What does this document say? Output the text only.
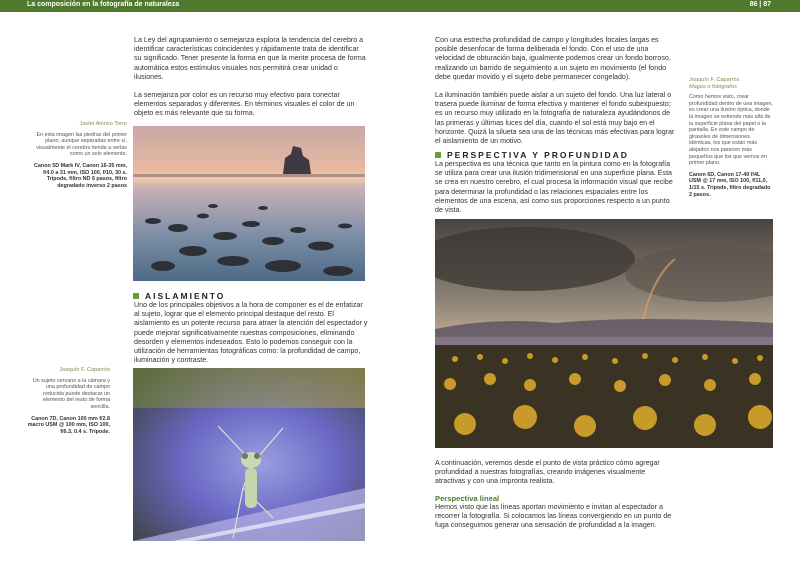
La composición en la fotografía de naturaleza	86 | 87

La Ley del agrupamiento o semejanza explora la tendencia del cerebro a identificar características coincidentes y rápidamente trata de identificar su significado. Tener presente la forma en que la mente procesa de forma automática estos estímulos visuales nos permitirá crear unidad o ilusiones.

La semejanza por color es un recurso muy efectivo para conectar elementos separados y diferentes. En términos visuales el color de un objeto es más relevante que su forma.

Javier Alonso Torre
En esta imagen las piedras del primer plano, aunque separadas entre sí, visualmente el cerebro tiende a verlas como un solo elemento.
Canon 5D Mark IV, Canon 16-35 mm, f/4.0 a 31 mm, ISO 100, f/10, 30 s. Trípode, filtro ND 6 pasos, filtro degradado inverso 2 pasos
AISLAMIENTO

Uno de los principales objetivos a la hora de componer es el de enfatizar al sujeto, lograr que el elemento principal destaque del resto. El aislamiento es un potente recurso para atraer la atención del espectador y puede mejorar significativamente nuestras composiciones, eliminando desorden y elementos indeseados. Esto lo podemos conseguir con la utilización de herramientas fotográficas como: la profundidad de campo, iluminación y contraste.

Joaquín F. Caparrós
Un sujeto cercano a la cámara y una profundidad de campo reducida puede destacar un elemento del resto de forma sencilla.
Canon 7D, Canon 100 mm f/2.8 macro USM @ 100 mm, ISO 100, f/6.3, 0.4 s. Trípode.

Con una estrecha profundidad de campo y longitudes focales largas es posible desenfocar de forma deliberada el fondo. Con el uso de una velocidad de obturación baja, igualmente podemos crear un fondo borroso, realizando un barrido de seguimiento a un sujeto en movimiento (el fondo debe quedar movido y el sujeto debe permanecer congelado).

La iluminación también puede aislar a un sujeto del fondo. Una luz lateral o trasera puede iluminar de forma efectiva y mantener el fondo subexpuesto; es un recurso muy utilizado en la fotografía de naturaleza ayudándonos de las primeras y últimas luces del día, cuando el sol está muy bajo en el horizonte. Quizá la silueta sea una de las técnicas más efectivas para lograr el aislamiento de un motivo.

Joaquín F. Caparrós
Magos o fotógrafos
Como hemos visto, crear profundidad dentro de una imagen, es crear una ilusión óptica, donde la imagen se extiende más allá de la superficie plana del papel o la pantalla. En este campo de girasoles de dimensiones idénticas, los que están más alejados nos parecen más pequeños que los que vemos en primer plano.
Canon 6D, Canon 17-40 f/4L USM @ 17 mm, ISO 100, f/11,0, 1/15 s. Trípode, filtro degradado 2 pasos.
PERSPECTIVA Y PROFUNDIDAD

La perspectiva es una técnica que tanto en la pintura como en la fotografía se utiliza para crear una ilusión tridimensional en una superficie plana. Esta se crea en nuestro cerebro, el cual procesa la información visual que recibe para determinar la profundidad o las relaciones espaciales entre los elementos de una escena, así como sus proporciones respecto a un punto de vista.

A continuación, veremos desde el punto de vista práctico cómo agregar profundidad a nuestras fotografías, creando imágenes visualmente atractivas y con una impronta realista.

Perspectiva lineal

Hemos visto que las líneas aportan movimiento e invitan al espectador a recorrer la fotografía. Si colocamos las líneas convergiendo en un punto de fuga conseguimos generar una sensación de profundidad a la imagen.
